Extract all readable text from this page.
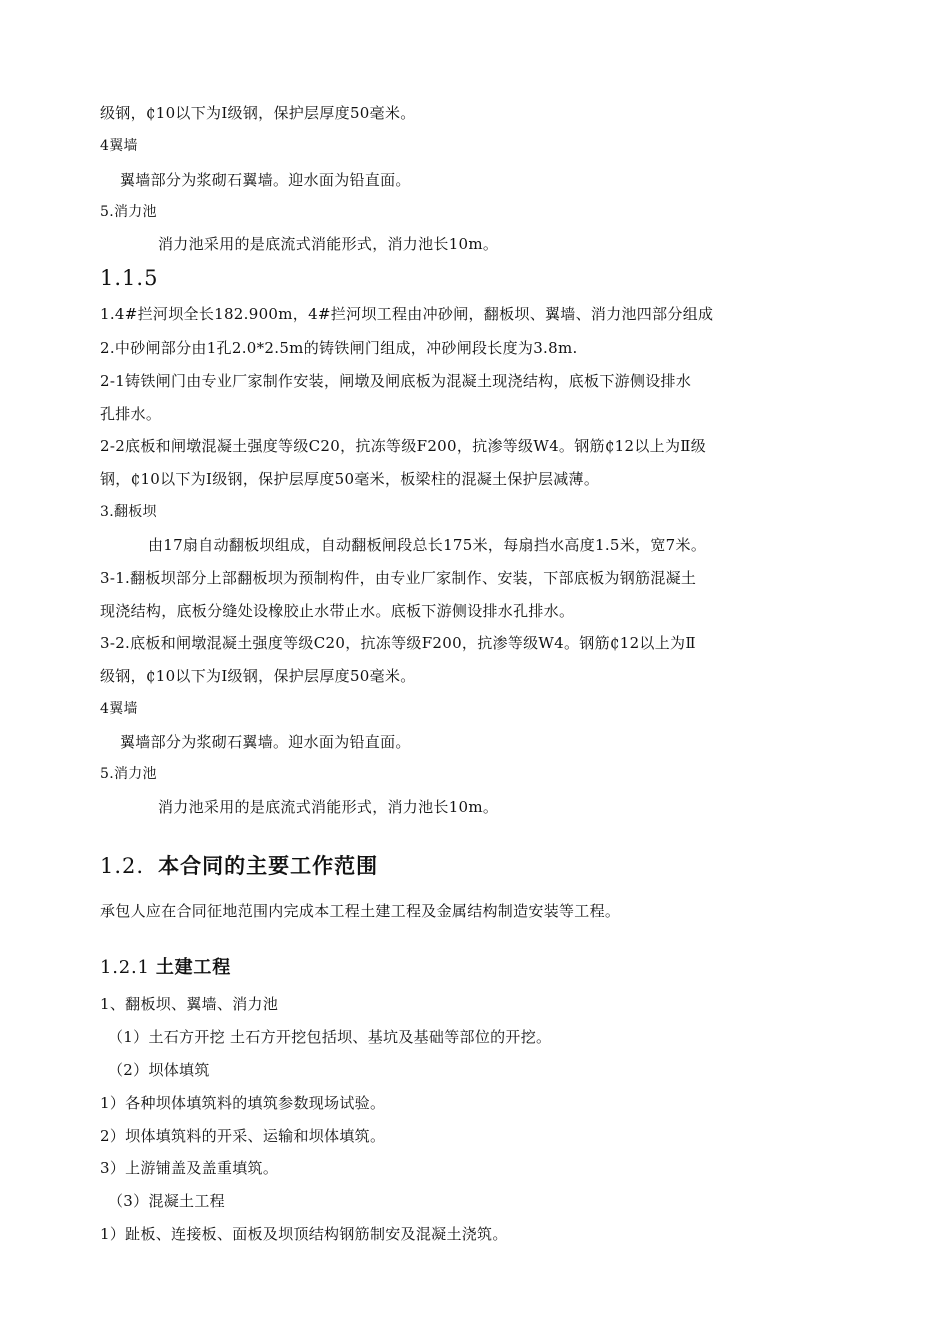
级钢，₵10以下为Ⅰ级钢，保护层厚度50毫米。
4翼墙
翼墙部分为浆砌石翼墙。迎水面为铅直面。
5.消力池
消力池采用的是底流式消能形式，消力池长10m。
1.1.5
1.4#拦河坝全长182.900m，4#拦河坝工程由冲砂闸，翻板坝、翼墙、消力池四部分组成
2.中砂闸部分由1孔2.0*2.5m的铸铁闸门组成，冲砂闸段长度为3.8m.
2-1铸铁闸门由专业厂家制作安装，闸墩及闸底板为混凝土现浇结构，底板下游侧设排水
孔排水。
2-2底板和闸墩混凝土强度等级C20，抗冻等级F200，抗渗等级W4。钢筋₵12以上为Ⅱ级
钢，₵10以下为Ⅰ级钢，保护层厚度50毫米，板梁柱的混凝土保护层减薄。
3.翻板坝
由17扇自动翻板坝组成，自动翻板闸段总长175米，每扇挡水高度1.5米，宽7米。
3-1.翻板坝部分上部翻板坝为预制构件，由专业厂家制作、安装，下部底板为钢筋混凝土
现浇结构，底板分缝处设橡胶止水带止水。底板下游侧设排水孔排水。
3-2.底板和闸墩混凝土强度等级C20，抗冻等级F200，抗渗等级W4。钢筋₵12以上为Ⅱ
级钢，₵10以下为Ⅰ级钢，保护层厚度50毫米。
4翼墙
翼墙部分为浆砌石翼墙。迎水面为铅直面。
5.消力池
消力池采用的是底流式消能形式，消力池长10m。
1.2. 本合同的主要工作范围
承包人应在合同征地范围内完成本工程土建工程及金属结构制造安装等工程。
1.2.1 土建工程
1、翻板坝、翼墙、消力池
（1）土石方开挖 土石方开挖包括坝、基坑及基础等部位的开挖。
（2）坝体填筑
1）各种坝体填筑料的填筑参数现场试验。
2）坝体填筑料的开采、运输和坝体填筑。
3）上游铺盖及盖重填筑。
（3）混凝土工程
1）趾板、连接板、面板及坝顶结构钢筋制安及混凝土浇筑。
